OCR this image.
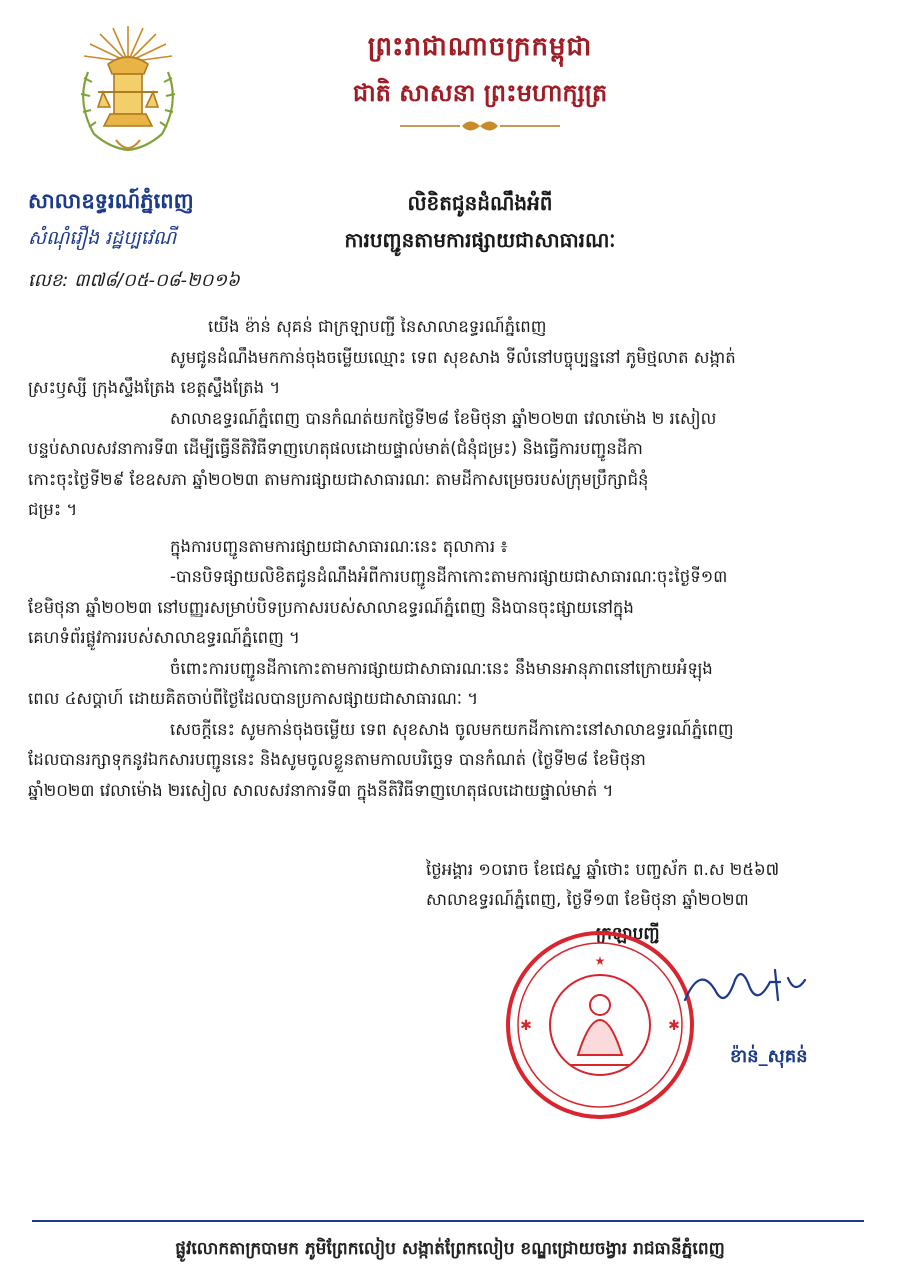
ព្រះរាជាណាចក្រកម្ពុជា
ជាតិ សាសនា ព្រះមហាក្សត្រ
សាលាឧទ្ធរណ៍ភ្នំពេញ
សំណុំរឿង រដ្ឋប្បវេណី
លិខិតជូនដំណឹងអំពី
ការបញ្ជូនតាមការផ្សាយជាសាធារណៈ
លេខ: ៣៧៨/០៥-០៨-២០១៦

យើង ខ៉ាន់ សុគន់ ជាក្រឡាបញ្ជី នៃសាលាឧទ្ធរណ៍ភ្នំពេញ

សូមជូនដំណឹងមកកាន់ចុងចម្លើយឈ្មោះ ទេព សុខសាង ទីលំនៅបច្ចុប្បន្ននៅ ភូមិថ្មលាត សង្កាត់

ស្រះឫស្សី ក្រុងស្ទឹងត្រែង ខេត្តស្ទឹងត្រែង ។

សាលាឧទ្ធរណ៍ភ្នំពេញ បានកំណត់យកថ្ងៃទី២៨ ខែមិថុនា ឆ្នាំ២០២៣ វេលាម៉ោង ២ រសៀល

បន្ទប់សាលសវនាការទី៣ ដើម្បីធ្វើនីតិវិធីទាញហេតុផលដោយផ្ទាល់មាត់(ជំនុំជម្រះ) និងធ្វើការបញ្ជូនដីកា

កោះចុះថ្ងៃទី២៩ ខែឧសភា ឆ្នាំ២០២៣ តាមការផ្សាយជាសាធារណៈ តាមដីកាសម្រេចរបស់ក្រុមប្រឹក្សាជំនុំ

ជម្រះ ។

ក្នុងការបញ្ជូនតាមការផ្សាយជាសាធារណៈនេះ តុលាការ ៖

-បានបិទផ្សាយលិខិតជូនដំណឹងអំពីការបញ្ជូនដីកាកោះតាមការផ្សាយជាសាធារណៈចុះថ្ងៃទី១៣

ខែមិថុនា ឆ្នាំ២០២៣ នៅបញ្ញរសម្រាប់បិទប្រកាសរបស់សាលាឧទ្ធរណ៍ភ្នំពេញ និងបានចុះផ្សាយនៅក្នុង

គេហទំព័រផ្លូវការរបស់សាលាឧទ្ធរណ៍ភ្នំពេញ ។

ចំពោះការបញ្ជូនដីកាកោះតាមការផ្សាយជាសាធារណៈនេះ នឹងមានអានុភាពនៅក្រោយអំឡុង

ពេល ៤សប្តាហ៍ ដោយគិតចាប់ពីថ្ងៃដែលបានប្រកាសផ្សាយជាសាធារណៈ ។

សេចក្តីនេះ សូមកាន់ចុងចម្លើយ ទេព សុខសាង ចូលមកយកដីកាកោះនៅសាលាឧទ្ធរណ៍ភ្នំពេញ

ដែលបានរក្សាទុកនូវឯកសារបញ្ជូននេះ និងសូមចូលខ្លួនតាមកាលបរិច្ឆេទ បានកំណត់ (ថ្ងៃទី២៨ ខែមិថុនា

ឆ្នាំ២០២៣ វេលាម៉ោង ២រសៀល សាលសវនាការទី៣ ក្នុងនីតិវិធីទាញហេតុផលដោយផ្ទាល់មាត់ ។

ថ្ងៃអង្គារ ១០រោច ខែជេស្ឋ ឆ្នាំថោះ បញ្ចស័ក ព.ស ២៥៦៧
សាលាឧទ្ធរណ៍ភ្នំពេញ, ថ្ងៃទី១៣ ខែមិថុនា ឆ្នាំ២០២៣
ក្រឡាបញ្ជី
★
✱	✱
ខ៉ាន់_សុគន់
ផ្លូវលោកតាក្របាមក ភូមិព្រែកលៀប សង្កាត់ព្រែកលៀប ខណ្ឌជ្រោយចង្វារ រាជធានីភ្នំពេញ
